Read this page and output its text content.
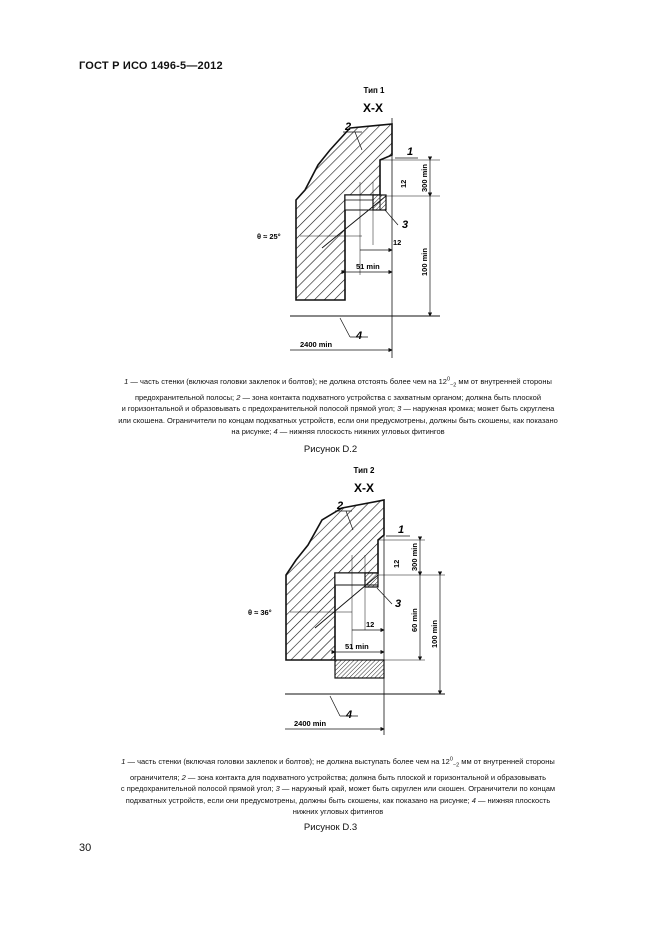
ГОСТ Р ИСО 1496-5—2012
Тип 1
X-X
300 min
100 min
51 min
2400 min
12
12
θ ≈ 25°
2
1
3
4
1 — часть стенки (включая головки заклепок и болтов); не должна отстоять более чем на $12^0_{-2}$ мм от внутренней стороны
предохранительной полосы; 2 — зона контакта подхватного устройства с захватным органом; должна быть плоской
и горизонтальной и образовывать с предохранительной полосой прямой угол; 3 — наружная кромка; может быть скруглена
или скошена. Ограничители по концам подхватных устройств, если они предусмотрены, должны быть скошены, как показано
на рисунке; 4 — нижняя плоскость нижних угловых фитингов
Рисунок D.2
Тип 2
X-X
300 min
60 min 100 min
51 min
2400 min
12
12
θ ≈ 36°
2
1
3
4
1 — часть стенки (включая головки заклепок и болтов); не должна выступать более чем на $12^0_{-2}$ мм от внутренней стороны
ограничителя; 2 — зона контакта для подхватного устройства; должна быть плоской и горизонтальной и образовывать
с предохранительной полосой прямой угол; 3 — наружный край, может быть скруглен или скошен. Ограничители по концам
подхватных устройств, если они предусмотрены, должны быть скошены, как показано на рисунке; 4 — нижняя плоскость
нижних угловых фитингов
Рисунок D.3
30
